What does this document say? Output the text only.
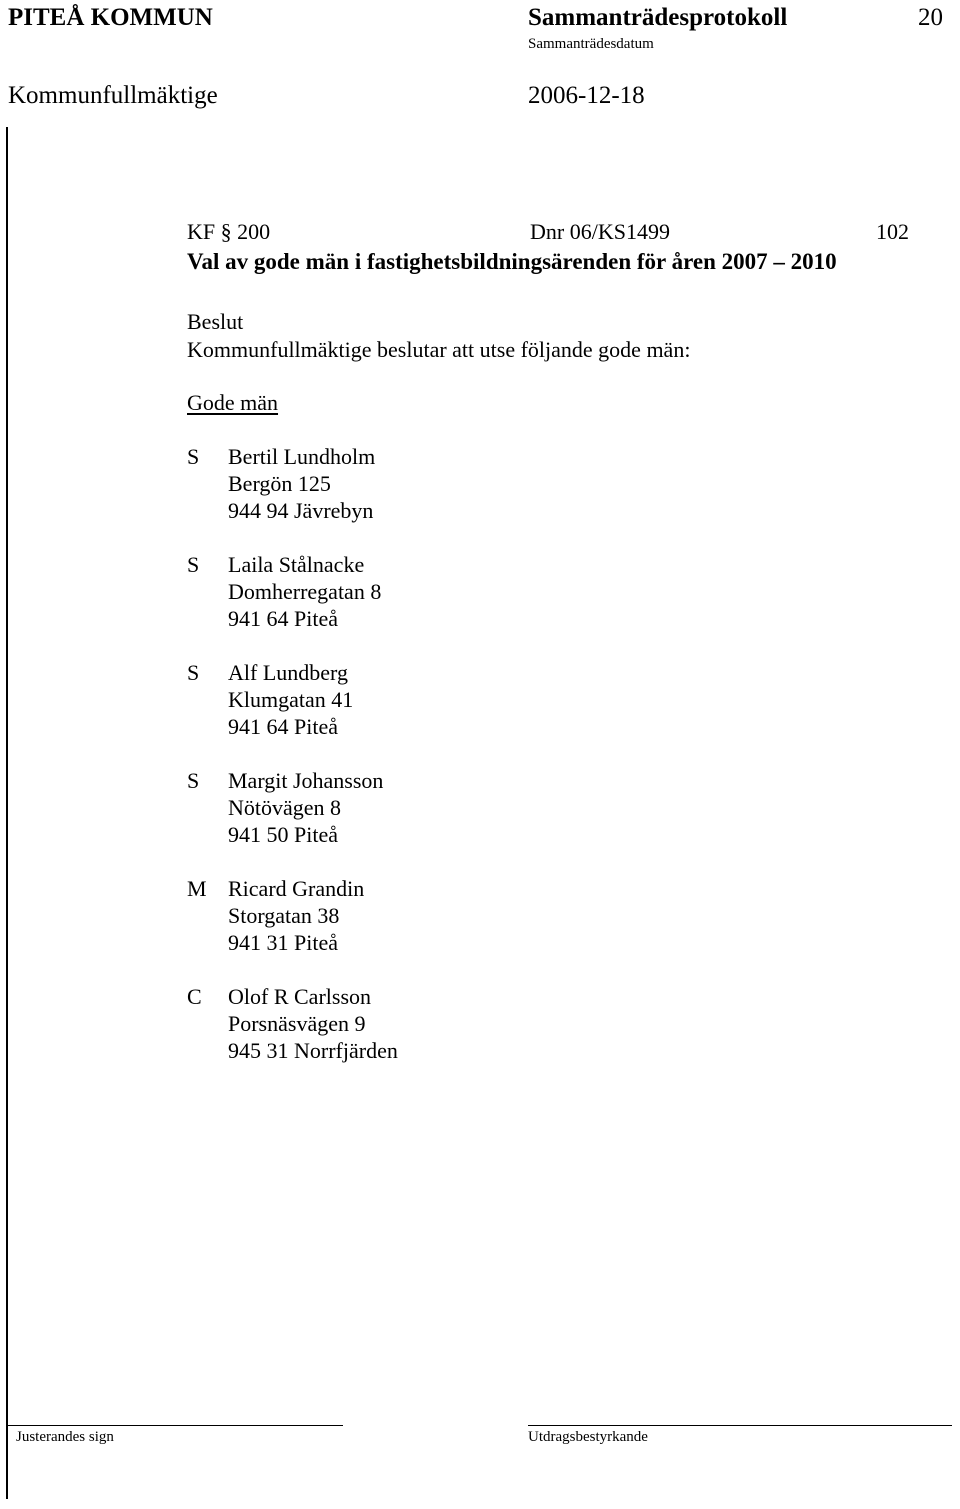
PITEÅ KOMMUN	Sammanträdesprotokoll	20
Sammanträdesdatum
Kommunfullmäktige	2006-12-18
KF § 200	Dnr 06/KS1499	102
Val av gode män i fastighetsbildningsärenden för åren 2007 – 2010
Beslut
Kommunfullmäktige beslutar att utse följande gode män:
Gode män
S	Bertil Lundholm
Bergön 125
944 94 Jävrebyn
S	Laila Stålnacke
Domherregatan 8
941 64 Piteå
S	Alf Lundberg
Klumgatan 41
941 64 Piteå
S	Margit Johansson
Nötövägen 8
941 50 Piteå
M Ricard Grandin
Storgatan 38
941 31 Piteå
C	Olof R Carlsson
Porsnäsvägen 9
945 31 Norrfjärden
Justerandes sign	Utdragsbestyrkande
